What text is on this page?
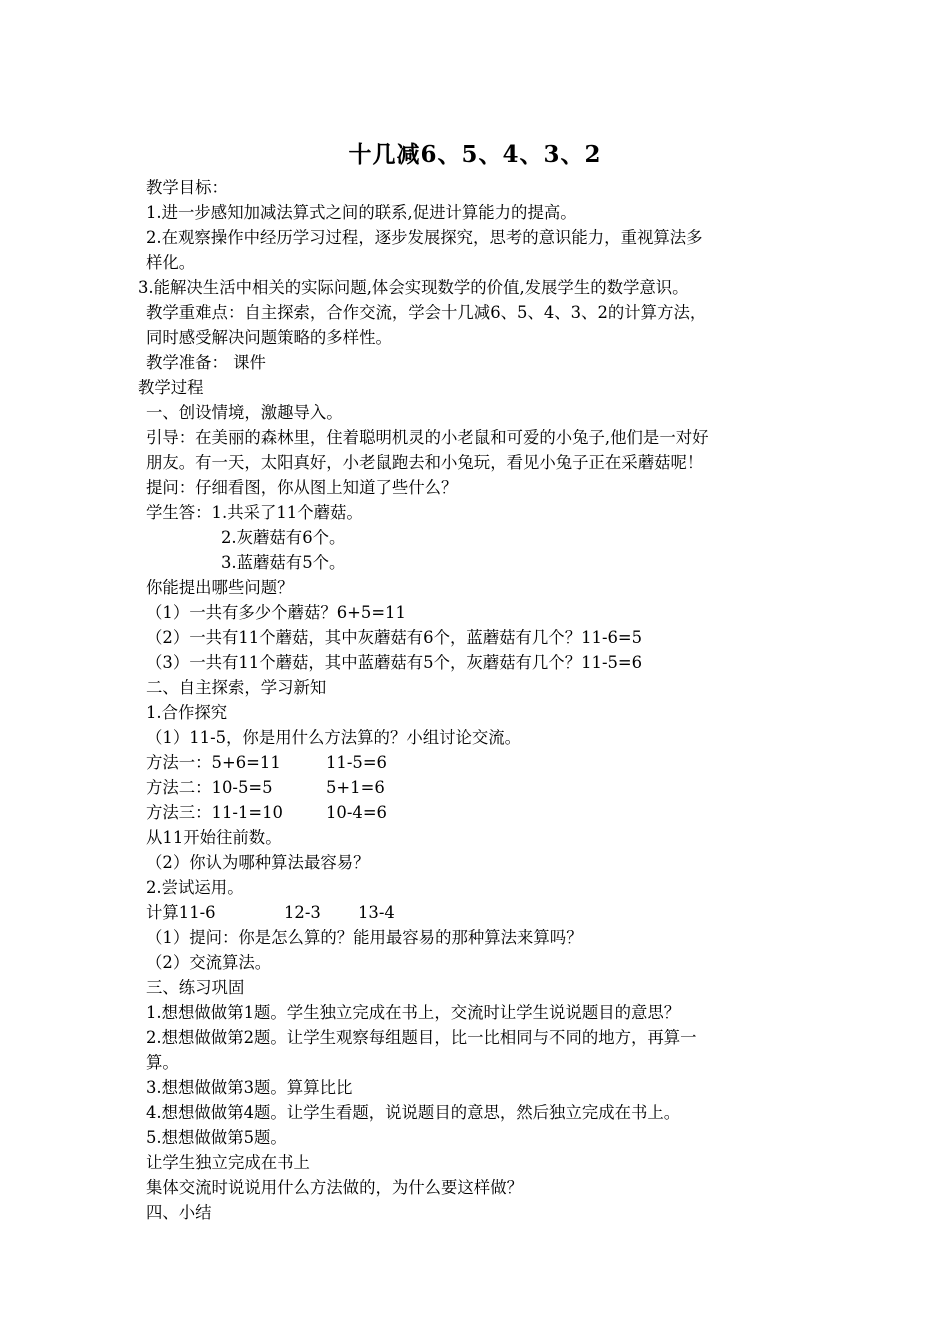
十几减6、5、4、3、2
教学目标：
1.进一步感知加减法算式之间的联系,促进计算能力的提高。
2.在观察操作中经历学习过程，逐步发展探究，思考的意识能力，重视算法多
样化。
3.能解决生活中相关的实际问题,体会实现数学的价值,发展学生的数学意识。
教学重难点：自主探索，合作交流，学会十几减6、5、4、3、2的计算方法，
同时感受解决问题策略的多样性。
教学准备： 课件
教学过程
一、创设情境，激趣导入。
引导：在美丽的森林里，住着聪明机灵的小老鼠和可爱的小兔子,他们是一对好
朋友。有一天，太阳真好，小老鼠跑去和小兔玩，看见小兔子正在采蘑菇呢！
提问：仔细看图，你从图上知道了些什么？
学生答：1.共采了11个蘑菇。
2.灰蘑菇有6个。
3.蓝蘑菇有5个。
你能提出哪些问题？
（1）一共有多少个蘑菇？6+5=11
（2）一共有11个蘑菇，其中灰蘑菇有6个，蓝蘑菇有几个？11-6=5
（3）一共有11个蘑菇，其中蓝蘑菇有5个，灰蘑菇有几个？11-5=6
二、自主探索，学习新知
1.合作探究
（1）11-5，你是用什么方法算的？小组讨论交流。
方法一：5+6=11	11-5=6
方法二：10-5=5	5+1=6
方法三：11-1=10	10-4=6
从11开始往前数。
（2）你认为哪种算法最容易？
2.尝试运用。
计算11-6	12-3 13-4
（1）提问：你是怎么算的？能用最容易的那种算法来算吗？
（2）交流算法。
三、练习巩固
1.想想做做第1题。学生独立完成在书上，交流时让学生说说题目的意思？
2.想想做做第2题。让学生观察每组题目，比一比相同与不同的地方，再算一
算。
3.想想做做第3题。算算比比
4.想想做做第4题。让学生看题，说说题目的意思，然后独立完成在书上。
5.想想做做第5题。
让学生独立完成在书上
集体交流时说说用什么方法做的，为什么要这样做？
四、小结
